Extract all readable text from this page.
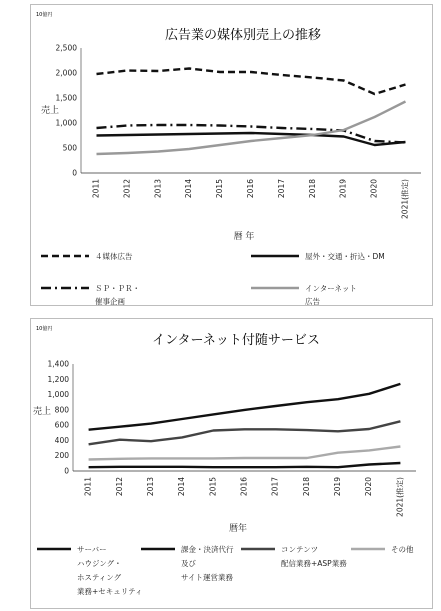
10億円
広告業の媒体別売上の推移
売上
暦 年
0
500
1,000
1,500
2,000
2,500
2011	2012	2013	2014	2015	2016	2017	2018	2019	2020	2021(推定)
４媒体広告	屋外・交通・折込・DM
ＳＰ・ＰＲ・
催事企画
インターネット
広告
10億円
インターネット付随サービス
売上
暦年
0
200
400
600
800
1,000
1,200
1,400
2011	2012	2013	2014	2015	2016	2017	2018	2019	2020	2021(推定)
サーバー
ハウジング・
ホスティング
業務+セキュリティ
課金・決済代行
及び
サイト運営業務
コンテンツ
配信業務+ASP業務
その他
